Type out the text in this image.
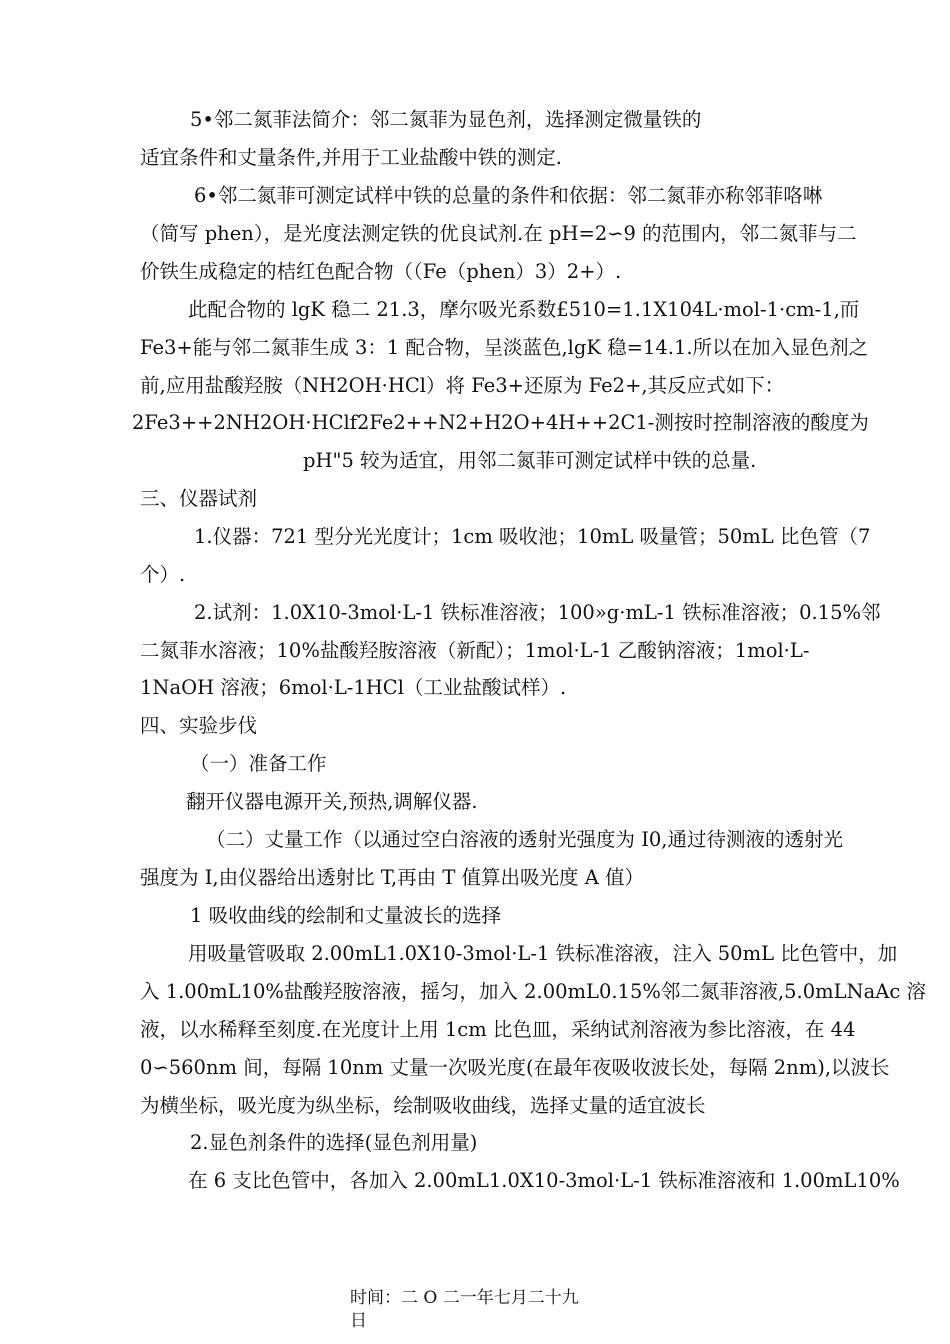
5•邻二氮菲法简介：邻二氮菲为显色剂，选择测定微量铁的
适宜条件和丈量条件,并用于工业盐酸中铁的测定.
6•邻二氮菲可测定试样中铁的总量的条件和依据：邻二氮菲亦称邻菲咯啉
（简写 phen），是光度法测定铁的优良试剂.在 pH=2∽9 的范围内，邻二氮菲与二
价铁生成稳定的桔红色配合物（（Fe（phen）3）2+）.
此配合物的 lgK 稳二 21.3，摩尔吸光系数£510=1.1X104L·mol-1·cm-1,而
Fe3+能与邻二氮菲生成 3：1 配合物，呈淡蓝色,lgK 稳=14.1.所以在加入显色剂之
前,应用盐酸羟胺（NH2OH·HCl）将 Fe3+还原为 Fe2+,其反应式如下：
2Fe3++2NH2OH·HClf2Fe2++N2+H2O+4H++2C1-测按时控制溶液的酸度为
pH"5 较为适宜，用邻二氮菲可测定试样中铁的总量.
三、仪器试剂
1.仪器：721 型分光光度计；1cm 吸收池；10mL 吸量管；50mL 比色管（7
个）.
2.试剂：1.0X10-3mol·L-1 铁标准溶液；100»g·mL-1 铁标准溶液；0.15%邻
二氮菲水溶液；10%盐酸羟胺溶液（新配）；1mol·L-1 乙酸钠溶液；1mol·L-
1NaOH 溶液；6mol·L-1HCl（工业盐酸试样）.
四、实验步伐
（一）准备工作
翻开仪器电源开关,预热,调解仪器.
（二）丈量工作（以通过空白溶液的透射光强度为 I0,通过待测液的透射光
强度为 I,由仪器给出透射比 T,再由 T 值算出吸光度 A 值）
1 吸收曲线的绘制和丈量波长的选择
用吸量管吸取 2.00mL1.0X10-3mol·L-1 铁标准溶液，注入 50mL 比色管中，加
入 1.00mL10%盐酸羟胺溶液，摇匀，加入 2.00mL0.15%邻二氮菲溶液,5.0mLNaAc 溶
液，以水稀释至刻度.在光度计上用 1cm 比色皿，采纳试剂溶液为参比溶液，在 44
0∽560nm 间，每隔 10nm 丈量一次吸光度(在最年夜吸收波长处，每隔 2nm),以波长
为横坐标，吸光度为纵坐标，绘制吸收曲线，选择丈量的适宜波长
2.显色剂条件的选择(显色剂用量)
在 6 支比色管中，各加入 2.00mL1.0X10-3mol·L-1 铁标准溶液和 1.00mL10%
时间：二 O 二一年七月二十九
日
